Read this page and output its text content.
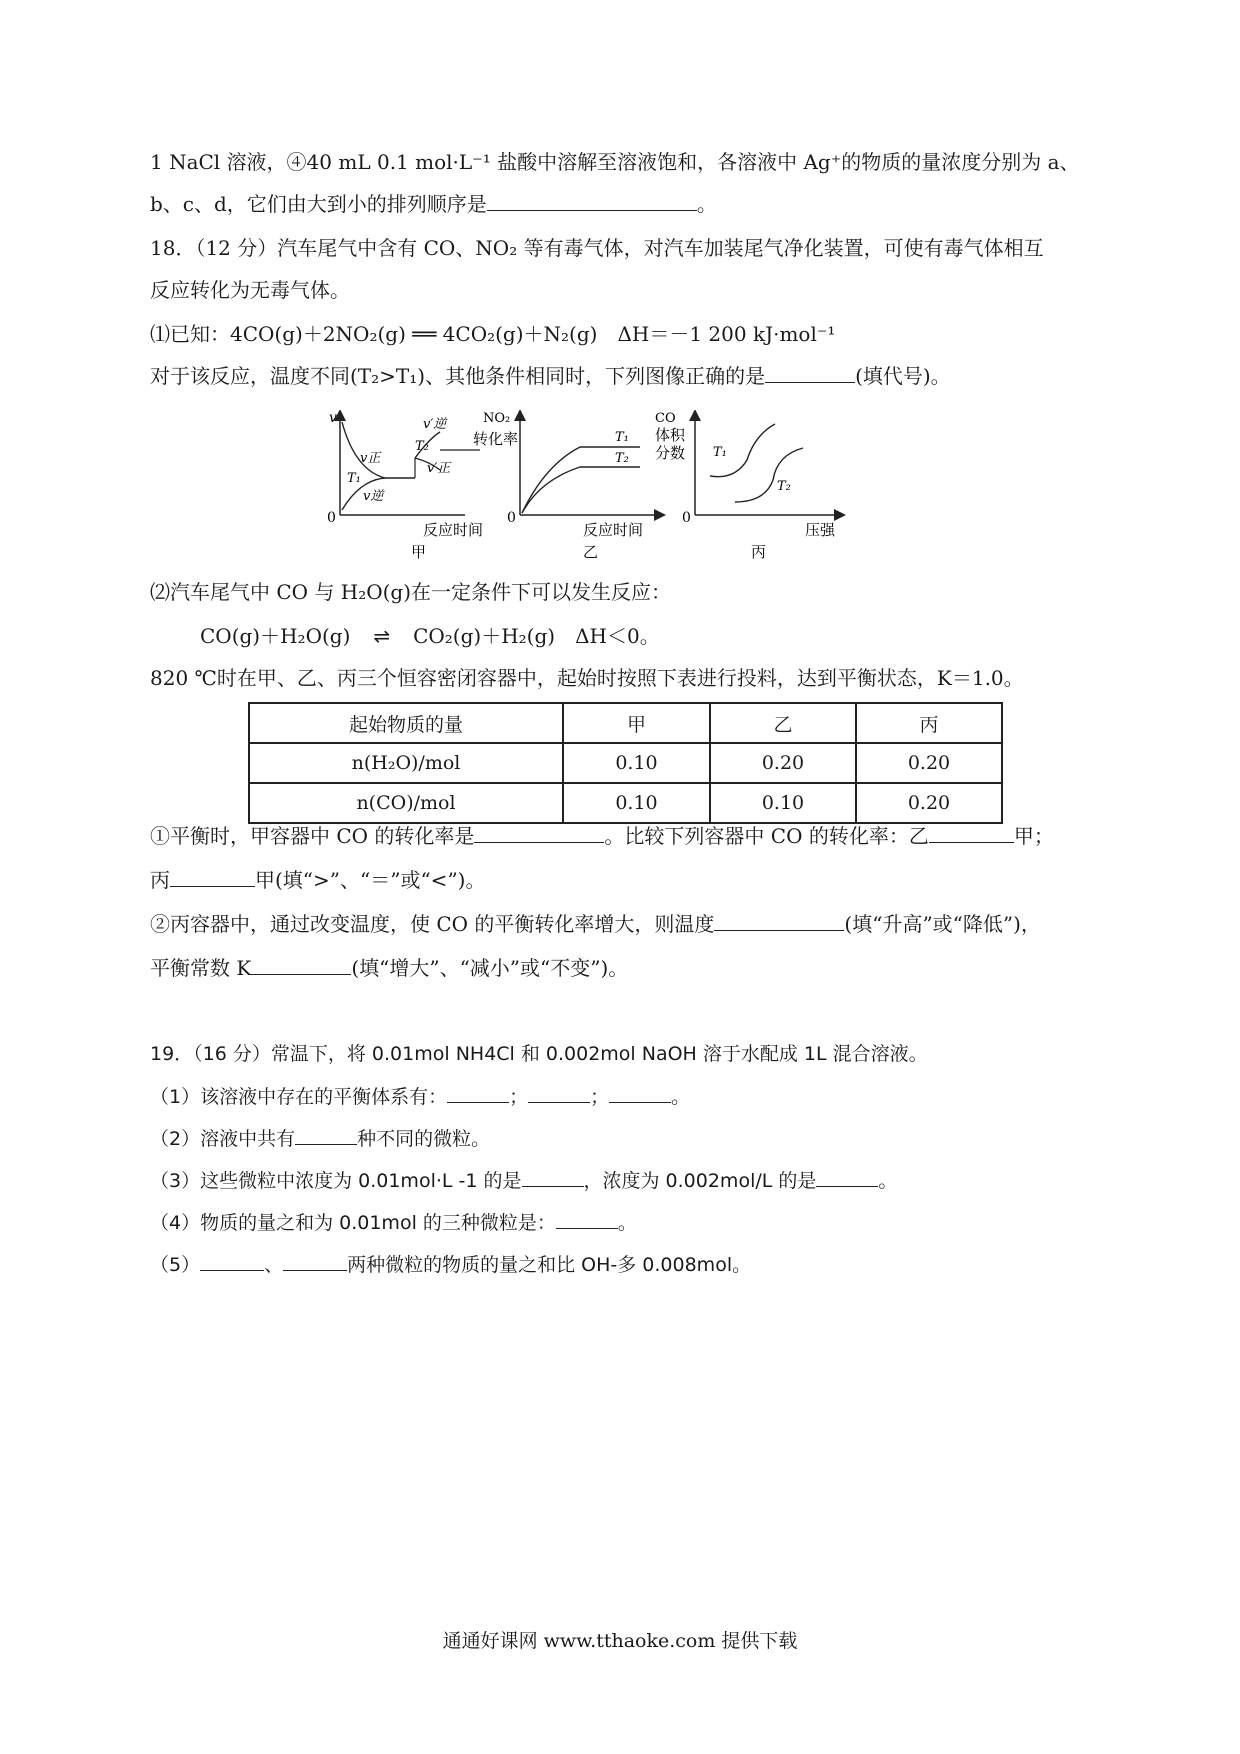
1 NaCl 溶液，④40 mL 0.1 mol·L⁻¹ 盐酸中溶解至溶液饱和，各溶液中 Ag⁺的物质的量浓度分别为 a、
b、c、d，它们由大到小的排列顺序是	。
18．（12 分）汽车尾气中含有 CO、NO₂ 等有毒气体，对汽车加装尾气净化装置，可使有毒气体相互
反应转化为无毒气体。
⑴已知：4CO(g)＋2NO₂(g) ══ 4CO₂(g)＋N₂(g)　ΔH＝－1 200 kJ·mol⁻¹
对于该反应，温度不同(T₂>T₁)、其他条件相同时，下列图像正确的是	(填代号)。
v
0
v正
T₁
v逆
v′逆
T₂
v′正
反应时间
甲
NO₂
转化率
0
T₁
T₂
反应时间
乙
CO
体积
分数
0
T₁
T₂
压强
丙
⑵汽车尾气中 CO 与 H₂O(g)在一定条件下可以发生反应：
CO(g)＋H₂O(g) ⇌ CO₂(g)＋H₂(g)　ΔH＜0。
820 ℃时在甲、乙、丙三个恒容密闭容器中，起始时按照下表进行投料，达到平衡状态，K＝1.0。
起始物质的量	甲	乙	丙
n(H₂O)/mol	0.10	0.20	0.20
n(CO)/mol	0.10	0.10	0.20
①平衡时，甲容器中 CO 的转化率是	。比较下列容器中 CO 的转化率：乙	甲；
丙	甲(填“>”、“＝”或“<”)。
②丙容器中，通过改变温度，使 CO 的平衡转化率增大，则温度	(填“升高”或“降低”)，
平衡常数 K	(填“增大”、“减小”或“不变”)。
19．（16 分）常温下，将 0.01mol NH4Cl 和 0.002mol NaOH 溶于水配成 1L 混合溶液。
（1）该溶液中存在的平衡体系有：	；	；	。
（2）溶液中共有	种不同的微粒。
（3）这些微粒中浓度为 0.01mol·L -1 的是	，浓度为 0.002mol/L 的是	。
（4）物质的量之和为 0.01mol 的三种微粒是：	。
（5）	、	两种微粒的物质的量之和比 OH-多 0.008mol。
通通好课网 www.tthaoke.com 提供下载
